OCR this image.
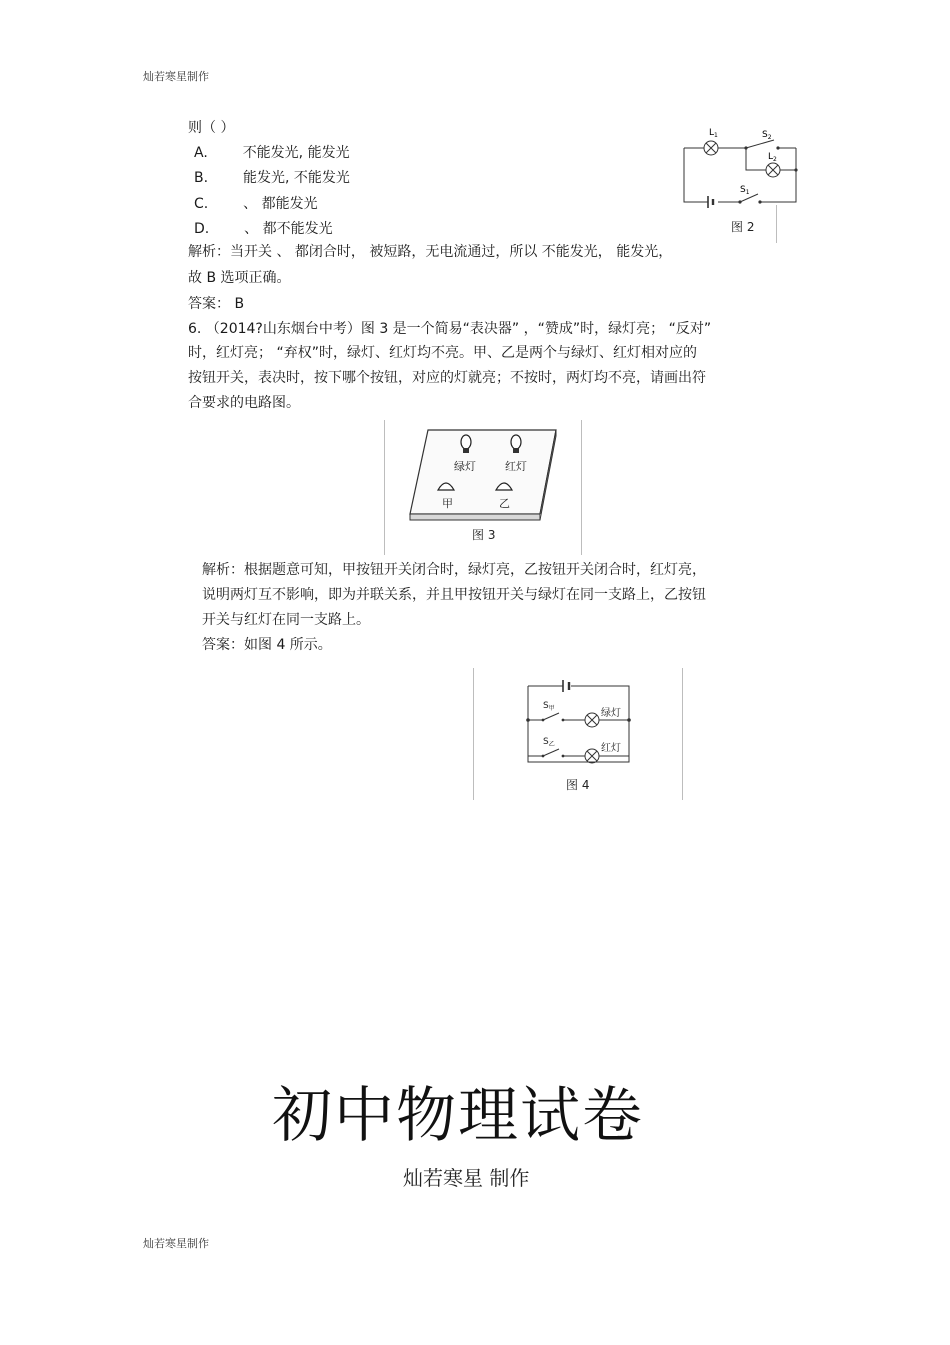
灿若寒星制作
则（ ）
A. 不能发光, 能发光
B. 能发光, 不能发光
C. 、 都能发光
D. 、 都不能发光
解析：当开关 、 都闭合时， 被短路，无电流通过，所以 不能发光， 能发光，
故 B 选项正确。
答案： B
$L_1$	$S_2$
$L_2$
$S_1$
图 2
6. （2014?山东烟台中考）图 3 是一个简易“表决器” ，“赞成”时，绿灯亮； “反对”
时，红灯亮； “弃权”时，绿灯、红灯均不亮。甲、乙是两个与绿灯、红灯相对应的
按钮开关，表决时，按下哪个按钮，对应的灯就亮；不按时，两灯均不亮，请画出符
合要求的电路图。
绿灯	红灯
甲	乙
图 3
解析：根据题意可知，甲按钮开关闭合时，绿灯亮，乙按钮开关闭合时，红灯亮，
说明两灯互不影响，即为并联关系，并且甲按钮开关与绿灯在同一支路上，乙按钮
开关与红灯在同一支路上。
答案：如图 4 所示。
$S_甲$
$S_乙$
绿灯
红灯
图 4
初中物理试卷
灿若寒星 制作
灿若寒星制作
